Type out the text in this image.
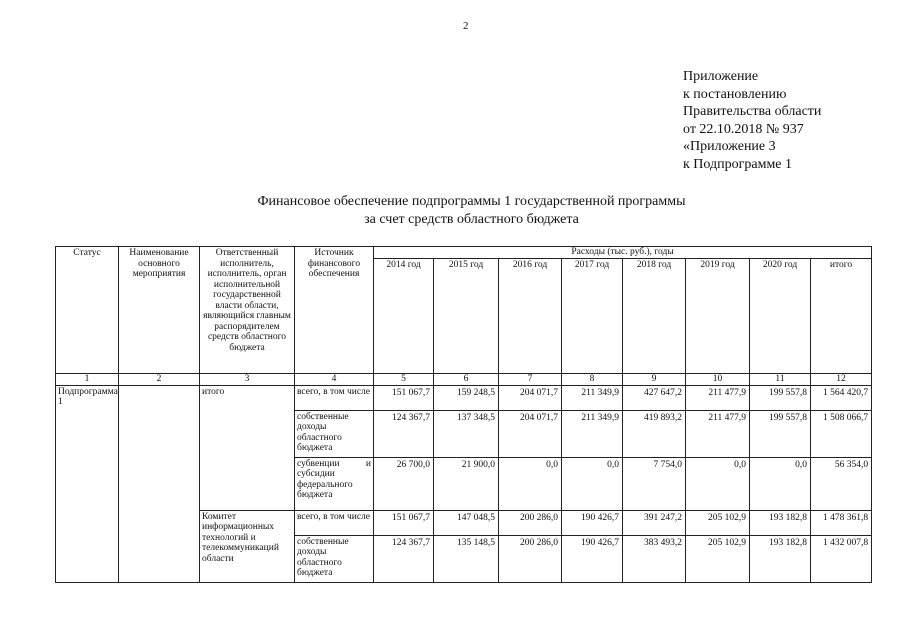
2
Приложение
к постановлению
Правительства области
от 22.10.2018 № 937
«Приложение 3
к Подпрограмме 1
Финансовое обеспечение подпрограммы 1 государственной программы
за счет средств областного бюджета
Статус	Наименование основного мероприятия	Ответственный исполнитель, исполнитель, орган исполнительной государственной власти области, являющийся главным распорядителем средств областного бюджета	Источник финансового обеспечения	Расходы (тыс. руб.), годы							
				2014 год	2015 год	2016 год	2017 год	2018 год	2019 год	2020 год	итого
1	2	3	4	5	6	7	8	9	10	11	12
Подпрограмма 1		итого	всего, в том числе	151 067,7	159 248,5	204 071,7	211 349,9	427 647,2	211 477,9	199 557,8	1 564 420,7
			собственные доходы областного бюджета	124 367,7	137 348,5	204 071,7	211 349,9	419 893,2	211 477,9	199 557,8	1 508 066,7
			субвенции и субсидии федерального бюджета	26 700,0	21 900,0	0,0	0,0	7 754,0	0,0	0,0	56 354,0
		Комитет информационных технологий и телекоммуникаций области	всего, в том числе	151 067,7	147 048,5	200 286,0	190 426,7	391 247,2	205 102,9	193 182,8	1 478 361,8
			собственные доходы областного бюджета	124 367,7	135 148,5	200 286,0	190 426,7	383 493,2	205 102,9	193 182,8	1 432 007,8
